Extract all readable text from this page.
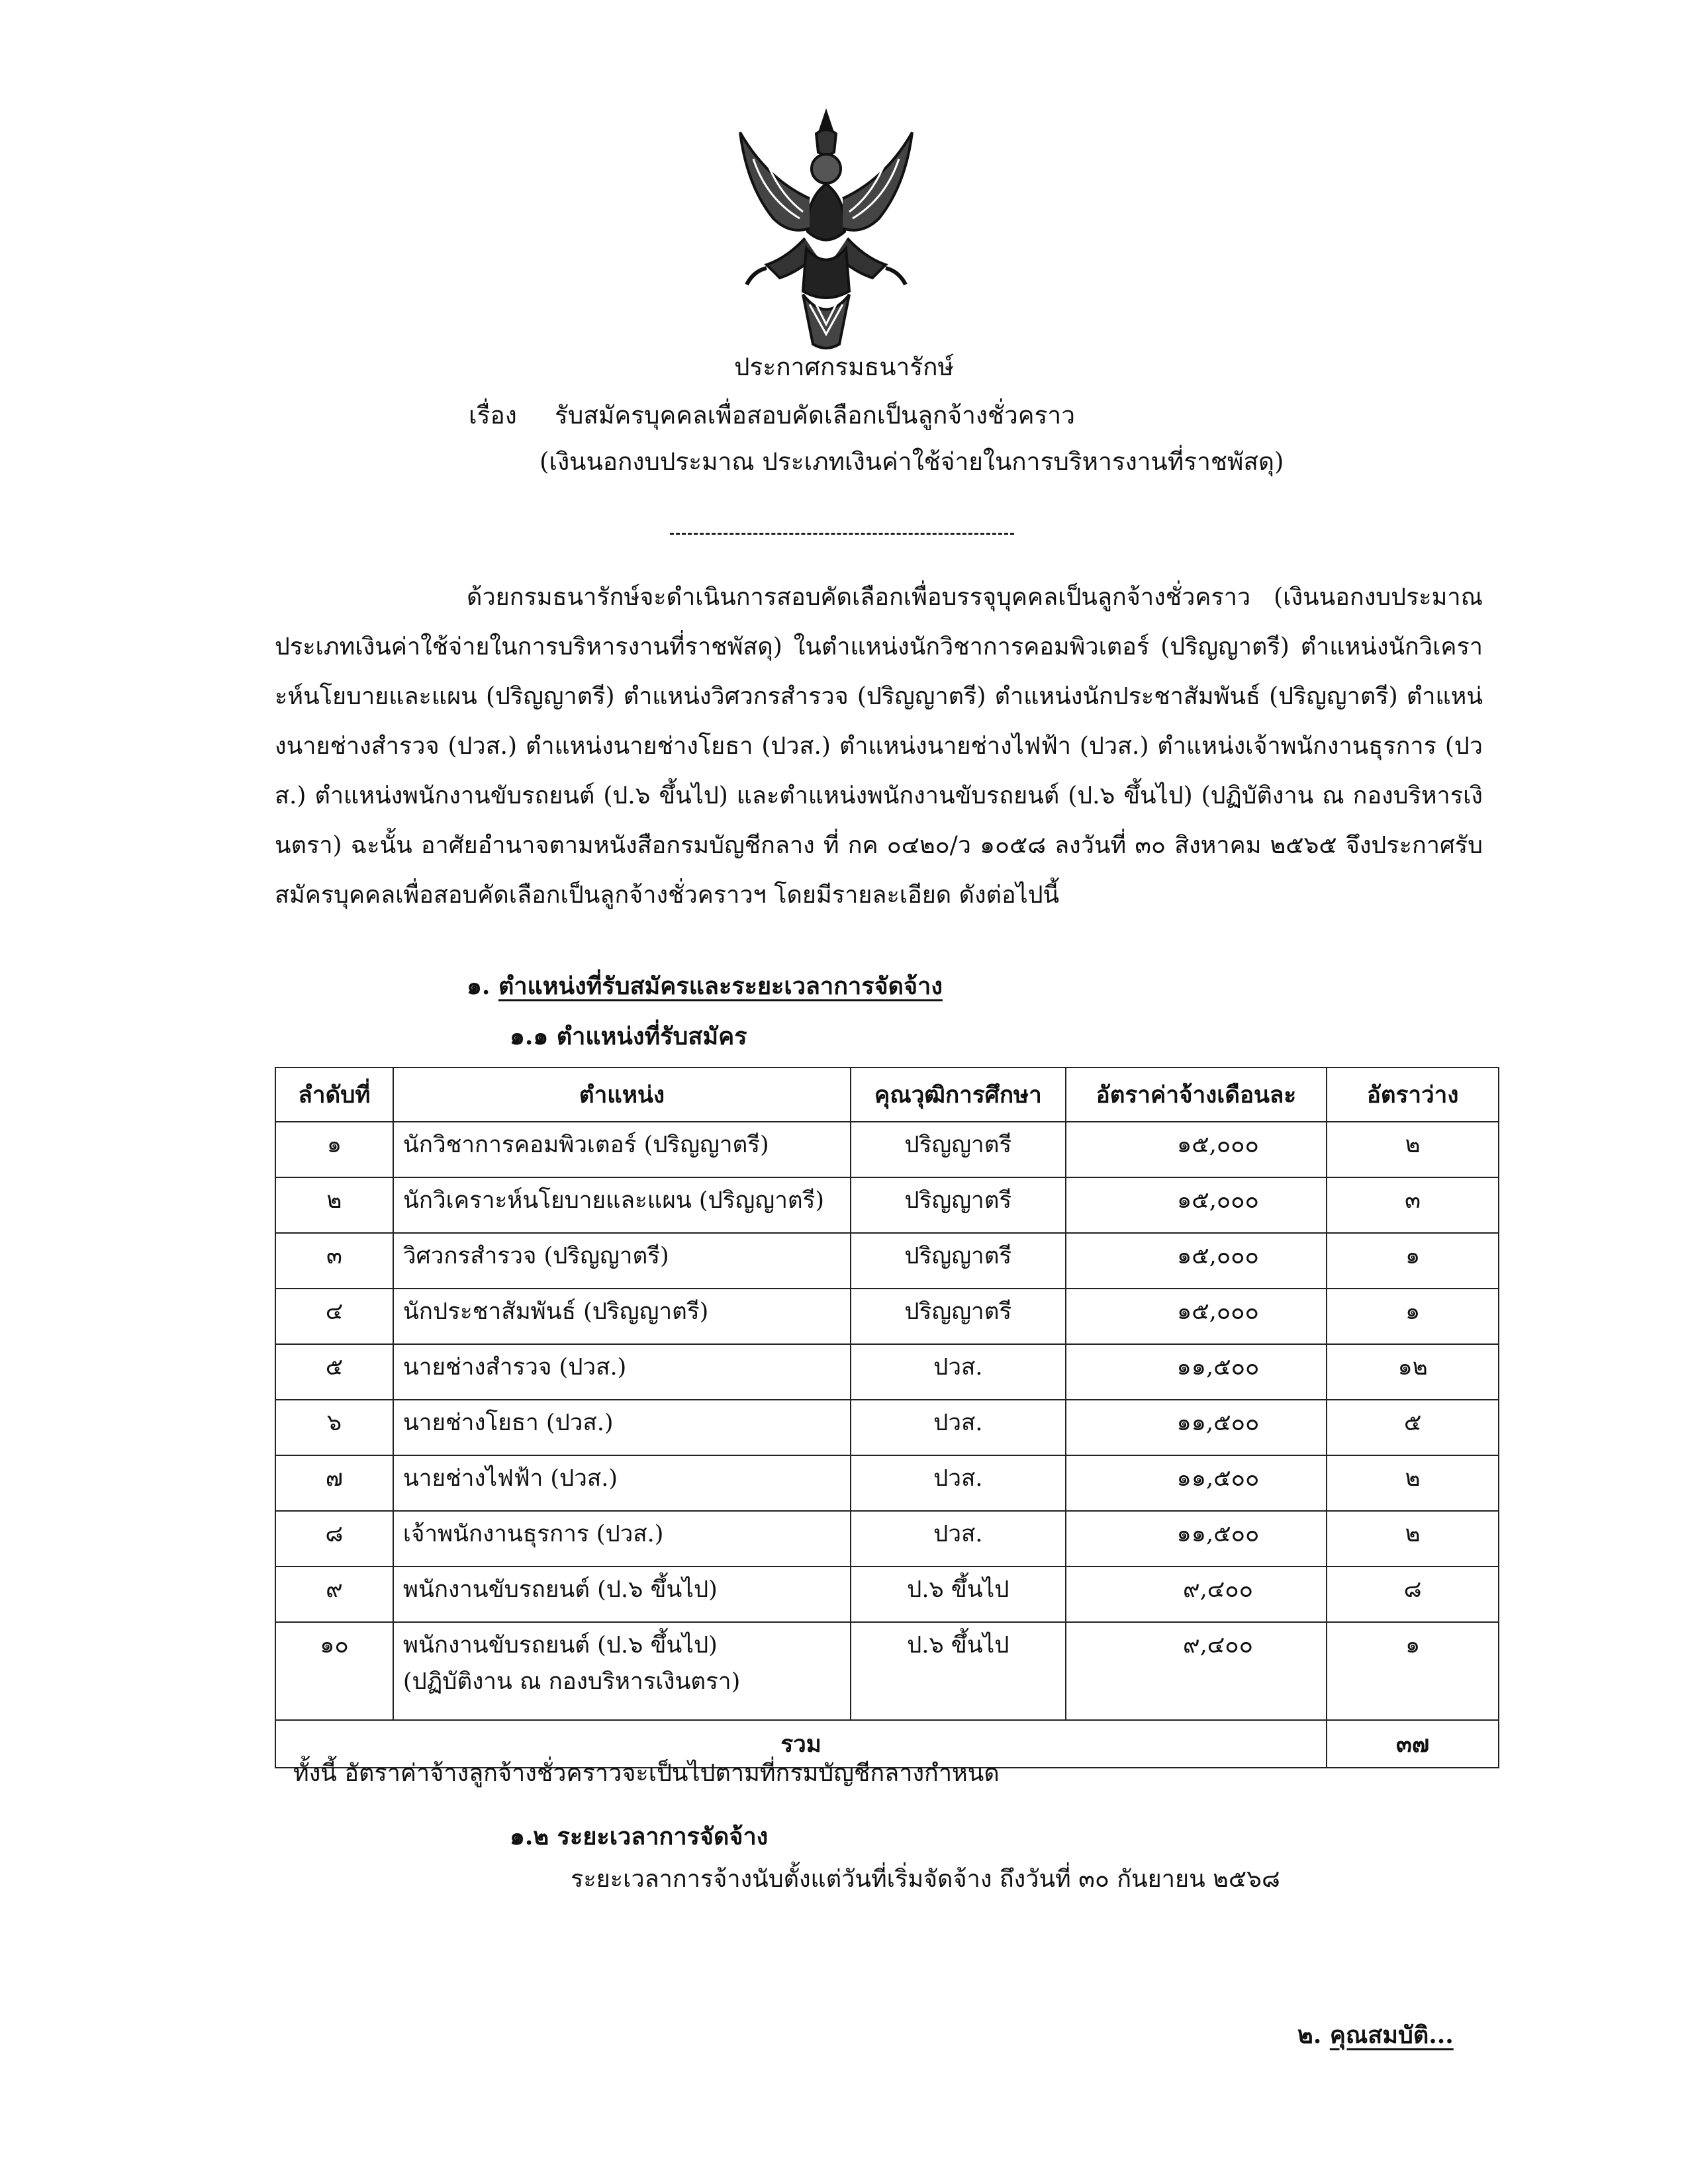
ประกาศกรมธนารักษ์
เรื่อง รับสมัครบุคคลเพื่อสอบคัดเลือกเป็นลูกจ้างชั่วคราว
(เงินนอกงบประมาณ ประเภทเงินค่าใช้จ่ายในการบริหารงานที่ราชพัสดุ)
ด้วยกรมธนารักษ์จะดำเนินการสอบคัดเลือกเพื่อบรรจุบุคคลเป็นลูกจ้างชั่วคราว (เงินนอกงบประมาณ ประเภทเงินค่าใช้จ่ายในการบริหารงานที่ราชพัสดุ) ในตำแหน่งนักวิชาการคอมพิวเตอร์ (ปริญญาตรี) ตำแหน่งนักวิเคราะห์นโยบายและแผน (ปริญญาตรี) ตำแหน่งวิศวกรสำรวจ (ปริญญาตรี) ตำแหน่งนักประชาสัมพันธ์ (ปริญญาตรี) ตำแหน่งนายช่างสำรวจ (ปวส.) ตำแหน่งนายช่างโยธา (ปวส.) ตำแหน่งนายช่างไฟฟ้า (ปวส.) ตำแหน่งเจ้าพนักงานธุรการ (ปวส.) ตำแหน่งพนักงานขับรถยนต์ (ป.๖ ขึ้นไป) และตำแหน่งพนักงานขับรถยนต์ (ป.๖ ขึ้นไป) (ปฏิบัติงาน ณ กองบริหารเงินตรา) ฉะนั้น อาศัยอำนาจตามหนังสือกรมบัญชีกลาง ที่ กค ๐๔๒๐/ว ๑๐๕๘ ลงวันที่ ๓๐ สิงหาคม ๒๕๖๕ จึงประกาศรับสมัครบุคคลเพื่อสอบคัดเลือกเป็นลูกจ้างชั่วคราวฯ โดยมีรายละเอียด ดังต่อไปนี้
๑. ตำแหน่งที่รับสมัครและระยะเวลาการจัดจ้าง
๑.๑ ตำแหน่งที่รับสมัคร
ลำดับที่	ตำแหน่ง	คุณวุฒิการศึกษา	อัตราค่าจ้างเดือนละ	อัตราว่าง
๑	นักวิชาการคอมพิวเตอร์ (ปริญญาตรี)	ปริญญาตรี	๑๕,๐๐๐	๒
๒	นักวิเคราะห์นโยบายและแผน (ปริญญาตรี)	ปริญญาตรี	๑๕,๐๐๐	๓
๓	วิศวกรสำรวจ (ปริญญาตรี)	ปริญญาตรี	๑๕,๐๐๐	๑
๔	นักประชาสัมพันธ์ (ปริญญาตรี)	ปริญญาตรี	๑๕,๐๐๐	๑
๕	นายช่างสำรวจ (ปวส.)	ปวส.	๑๑,๕๐๐	๑๒
๖	นายช่างโยธา (ปวส.)	ปวส.	๑๑,๕๐๐	๕
๗	นายช่างไฟฟ้า (ปวส.)	ปวส.	๑๑,๕๐๐	๒
๘	เจ้าพนักงานธุรการ (ปวส.)	ปวส.	๑๑,๕๐๐	๒
๙	พนักงานขับรถยนต์ (ป.๖ ขึ้นไป)	ป.๖ ขึ้นไป	๙,๔๐๐	๘
๑๐	พนักงานขับรถยนต์ (ป.๖ ขึ้นไป)
(ปฏิบัติงาน ณ กองบริหารเงินตรา)	ป.๖ ขึ้นไป	๙,๔๐๐	๑
รวม				๓๗
ทั้งนี้ อัตราค่าจ้างลูกจ้างชั่วคราวจะเป็นไปตามที่กรมบัญชีกลางกำหนด
๑.๒ ระยะเวลาการจัดจ้าง
ระยะเวลาการจ้างนับตั้งแต่วันที่เริ่มจัดจ้าง ถึงวันที่ ๓๐ กันยายน ๒๕๖๘
๒. คุณสมบัติ...
